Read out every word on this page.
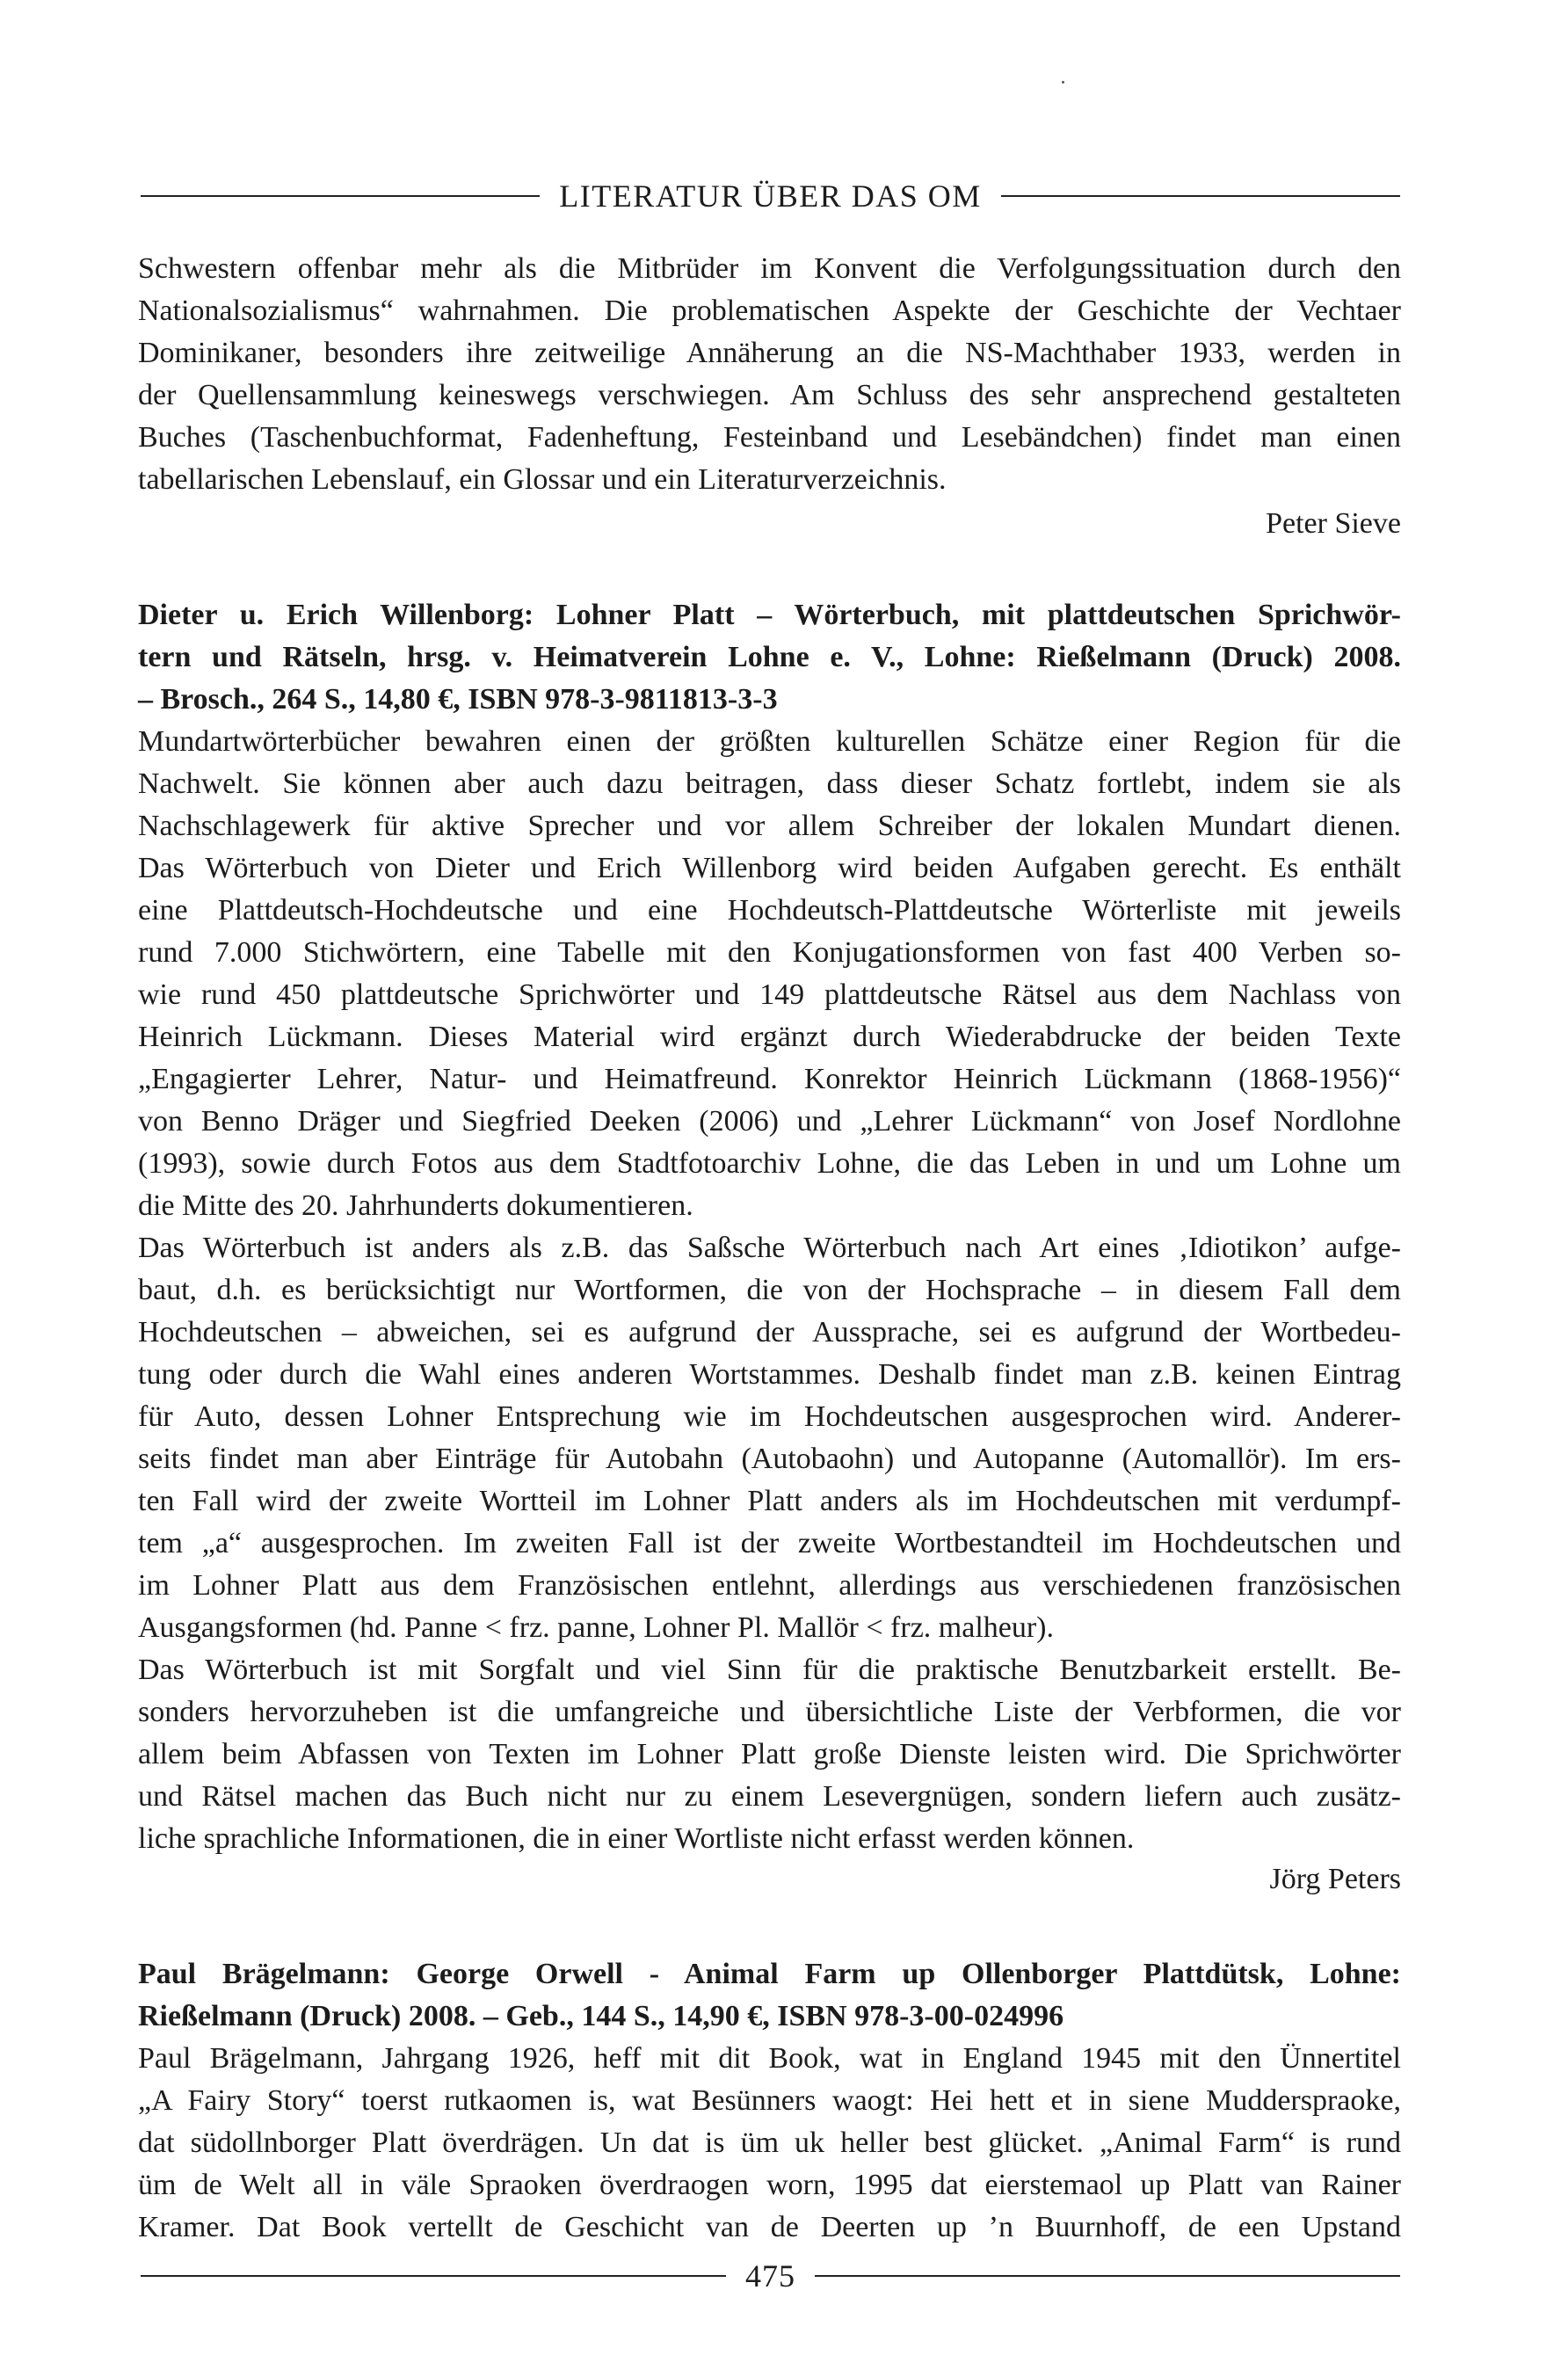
LITERATUR ÜBER DAS OM
Schwestern offenbar mehr als die Mitbrüder im Konvent die Verfolgungssituation durch den
Nationalsozialismus“ wahrnahmen. Die problematischen Aspekte der Geschichte der Vechtaer
Dominikaner, besonders ihre zeitweilige Annäherung an die NS-Machthaber 1933, werden in
der Quellensammlung keineswegs verschwiegen. Am Schluss des sehr ansprechend gestalteten
Buches (Taschenbuchformat, Fadenheftung, Festeinband und Lesebändchen) findet man einen
tabellarischen Lebenslauf, ein Glossar und ein Literaturverzeichnis.
Peter Sieve
Dieter u. Erich Willenborg: Lohner Platt – Wörterbuch, mit plattdeutschen Sprichwör-
tern und Rätseln, hrsg. v. Heimatverein Lohne e. V., Lohne: Rießelmann (Druck) 2008.
– Brosch., 264 S., 14,80 €, ISBN 978-3-9811813-3-3
Mundartwörterbücher bewahren einen der größten kulturellen Schätze einer Region für die
Nachwelt. Sie können aber auch dazu beitragen, dass dieser Schatz fortlebt, indem sie als
Nachschlagewerk für aktive Sprecher und vor allem Schreiber der lokalen Mundart dienen.
Das Wörterbuch von Dieter und Erich Willenborg wird beiden Aufgaben gerecht. Es enthält
eine Plattdeutsch-Hochdeutsche und eine Hochdeutsch-Plattdeutsche Wörterliste mit jeweils
rund 7.000 Stichwörtern, eine Tabelle mit den Konjugationsformen von fast 400 Verben so-
wie rund 450 plattdeutsche Sprichwörter und 149 plattdeutsche Rätsel aus dem Nachlass von
Heinrich Lückmann. Dieses Material wird ergänzt durch Wiederabdrucke der beiden Texte
„Engagierter Lehrer, Natur- und Heimatfreund. Konrektor Heinrich Lückmann (1868-1956)“
von Benno Dräger und Siegfried Deeken (2006) und „Lehrer Lückmann“ von Josef Nordlohne
(1993), sowie durch Fotos aus dem Stadtfotoarchiv Lohne, die das Leben in und um Lohne um
die Mitte des 20. Jahrhunderts dokumentieren.
Das Wörterbuch ist anders als z.B. das Saßsche Wörterbuch nach Art eines ‚Idiotikon’ aufge-
baut, d.h. es berücksichtigt nur Wortformen, die von der Hochsprache – in diesem Fall dem
Hochdeutschen – abweichen, sei es aufgrund der Aussprache, sei es aufgrund der Wortbedeu-
tung oder durch die Wahl eines anderen Wortstammes. Deshalb findet man z.B. keinen Eintrag
für Auto, dessen Lohner Entsprechung wie im Hochdeutschen ausgesprochen wird. Anderer-
seits findet man aber Einträge für Autobahn (Autobaohn) und Autopanne (Automallör). Im ers-
ten Fall wird der zweite Wortteil im Lohner Platt anders als im Hochdeutschen mit verdumpf-
tem „a“ ausgesprochen. Im zweiten Fall ist der zweite Wortbestandteil im Hochdeutschen und
im Lohner Platt aus dem Französischen entlehnt, allerdings aus verschiedenen französischen
Ausgangsformen (hd. Panne < frz. panne, Lohner Pl. Mallör < frz. malheur).
Das Wörterbuch ist mit Sorgfalt und viel Sinn für die praktische Benutzbarkeit erstellt. Be-
sonders hervorzuheben ist die umfangreiche und übersichtliche Liste der Verbformen, die vor
allem beim Abfassen von Texten im Lohner Platt große Dienste leisten wird. Die Sprichwörter
und Rätsel machen das Buch nicht nur zu einem Lesevergnügen, sondern liefern auch zusätz-
liche sprachliche Informationen, die in einer Wortliste nicht erfasst werden können.
Jörg Peters
Paul Brägelmann: George Orwell - Animal Farm up Ollenborger Plattdütsk, Lohne:
Rießelmann (Druck) 2008. – Geb., 144 S., 14,90 €, ISBN 978-3-00-024996
Paul Brägelmann, Jahrgang 1926, heff mit dit Book, wat in England 1945 mit den Ünnertitel
„A Fairy Story“ toerst rutkaomen is, wat Besünners waogt: Hei hett et in siene Mudderspraoke,
dat südollnborger Platt överdrägen. Un dat is üm uk heller best glücket. „Animal Farm“ is rund
üm de Welt all in väle Spraoken överdraogen worn, 1995 dat eierstemaol up Platt van Rainer
Kramer. Dat Book vertellt de Geschicht van de Deerten up ’n Buurnhoff, de een Upstand
475
